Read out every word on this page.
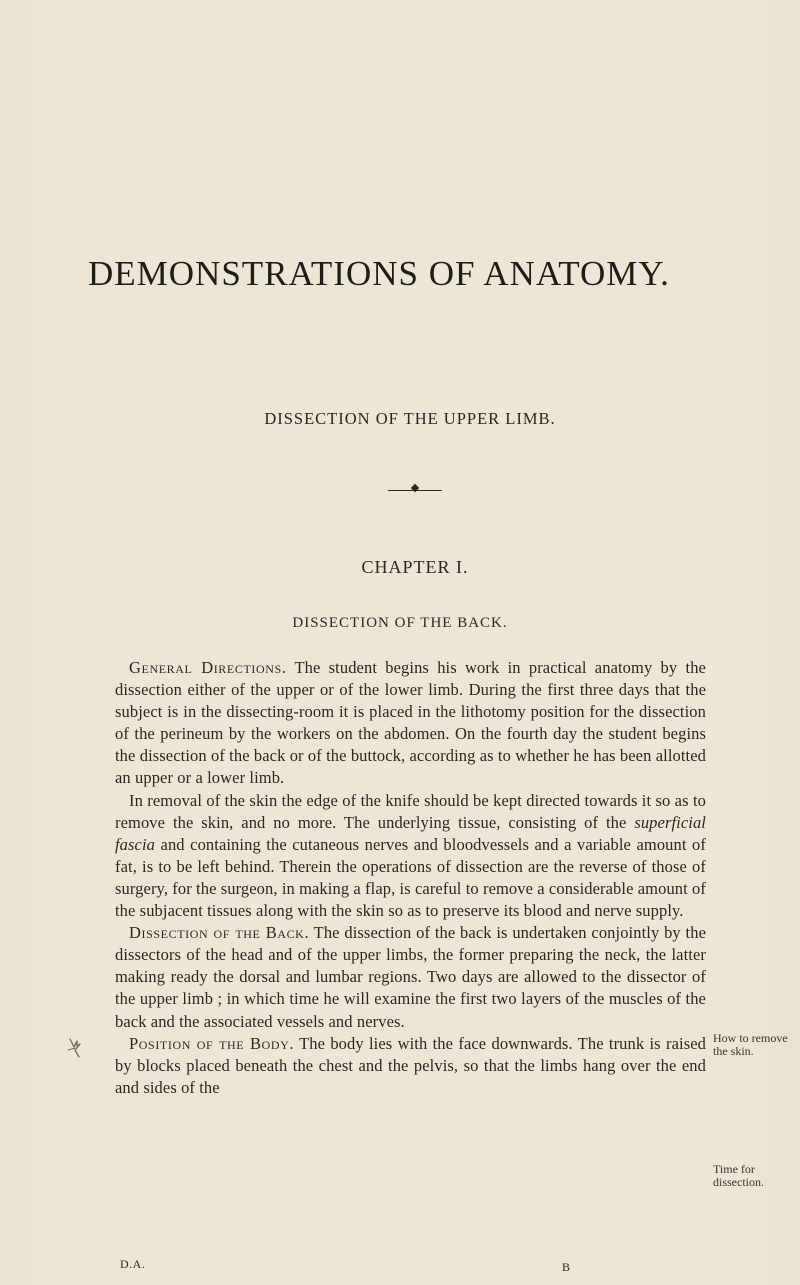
DEMONSTRATIONS OF ANATOMY.
DISSECTION OF THE UPPER LIMB.
CHAPTER I.
DISSECTION OF THE BACK.

General Directions. The student begins his work in practical anatomy by the dissection either of the upper or of the lower limb. During the first three days that the subject is in the dissecting-room it is placed in the lithotomy position for the dissection of the perineum by the workers on the abdomen. On the fourth day the student begins the dissection of the back or of the buttock, according as to whether he has been allotted an upper or a lower limb.

In removal of the skin the edge of the knife should be kept directed towards it so as to remove the skin, and no more. The underlying tissue, consisting of the superficial fascia and containing the cutaneous nerves and bloodvessels and a variable amount of fat, is to be left behind. Therein the operations of dissection are the reverse of those of surgery, for the surgeon, in making a flap, is careful to remove a considerable amount of the subjacent tissues along with the skin so as to preserve its blood and nerve supply.

Dissection of the Back. The dissection of the back is undertaken conjointly by the dissectors of the head and of the upper limbs, the former preparing the neck, the latter making ready the dorsal and lumbar regions. Two days are allowed to the dissector of the upper limb ; in which time he will examine the first two layers of the muscles of the back and the associated vessels and nerves.

Position of the Body. The body lies with the face downwards. The trunk is raised by blocks placed beneath the chest and the pelvis, so that the limbs hang over the end and sides of the

How to remove the skin.
Time for dissection.
D.A.	B
